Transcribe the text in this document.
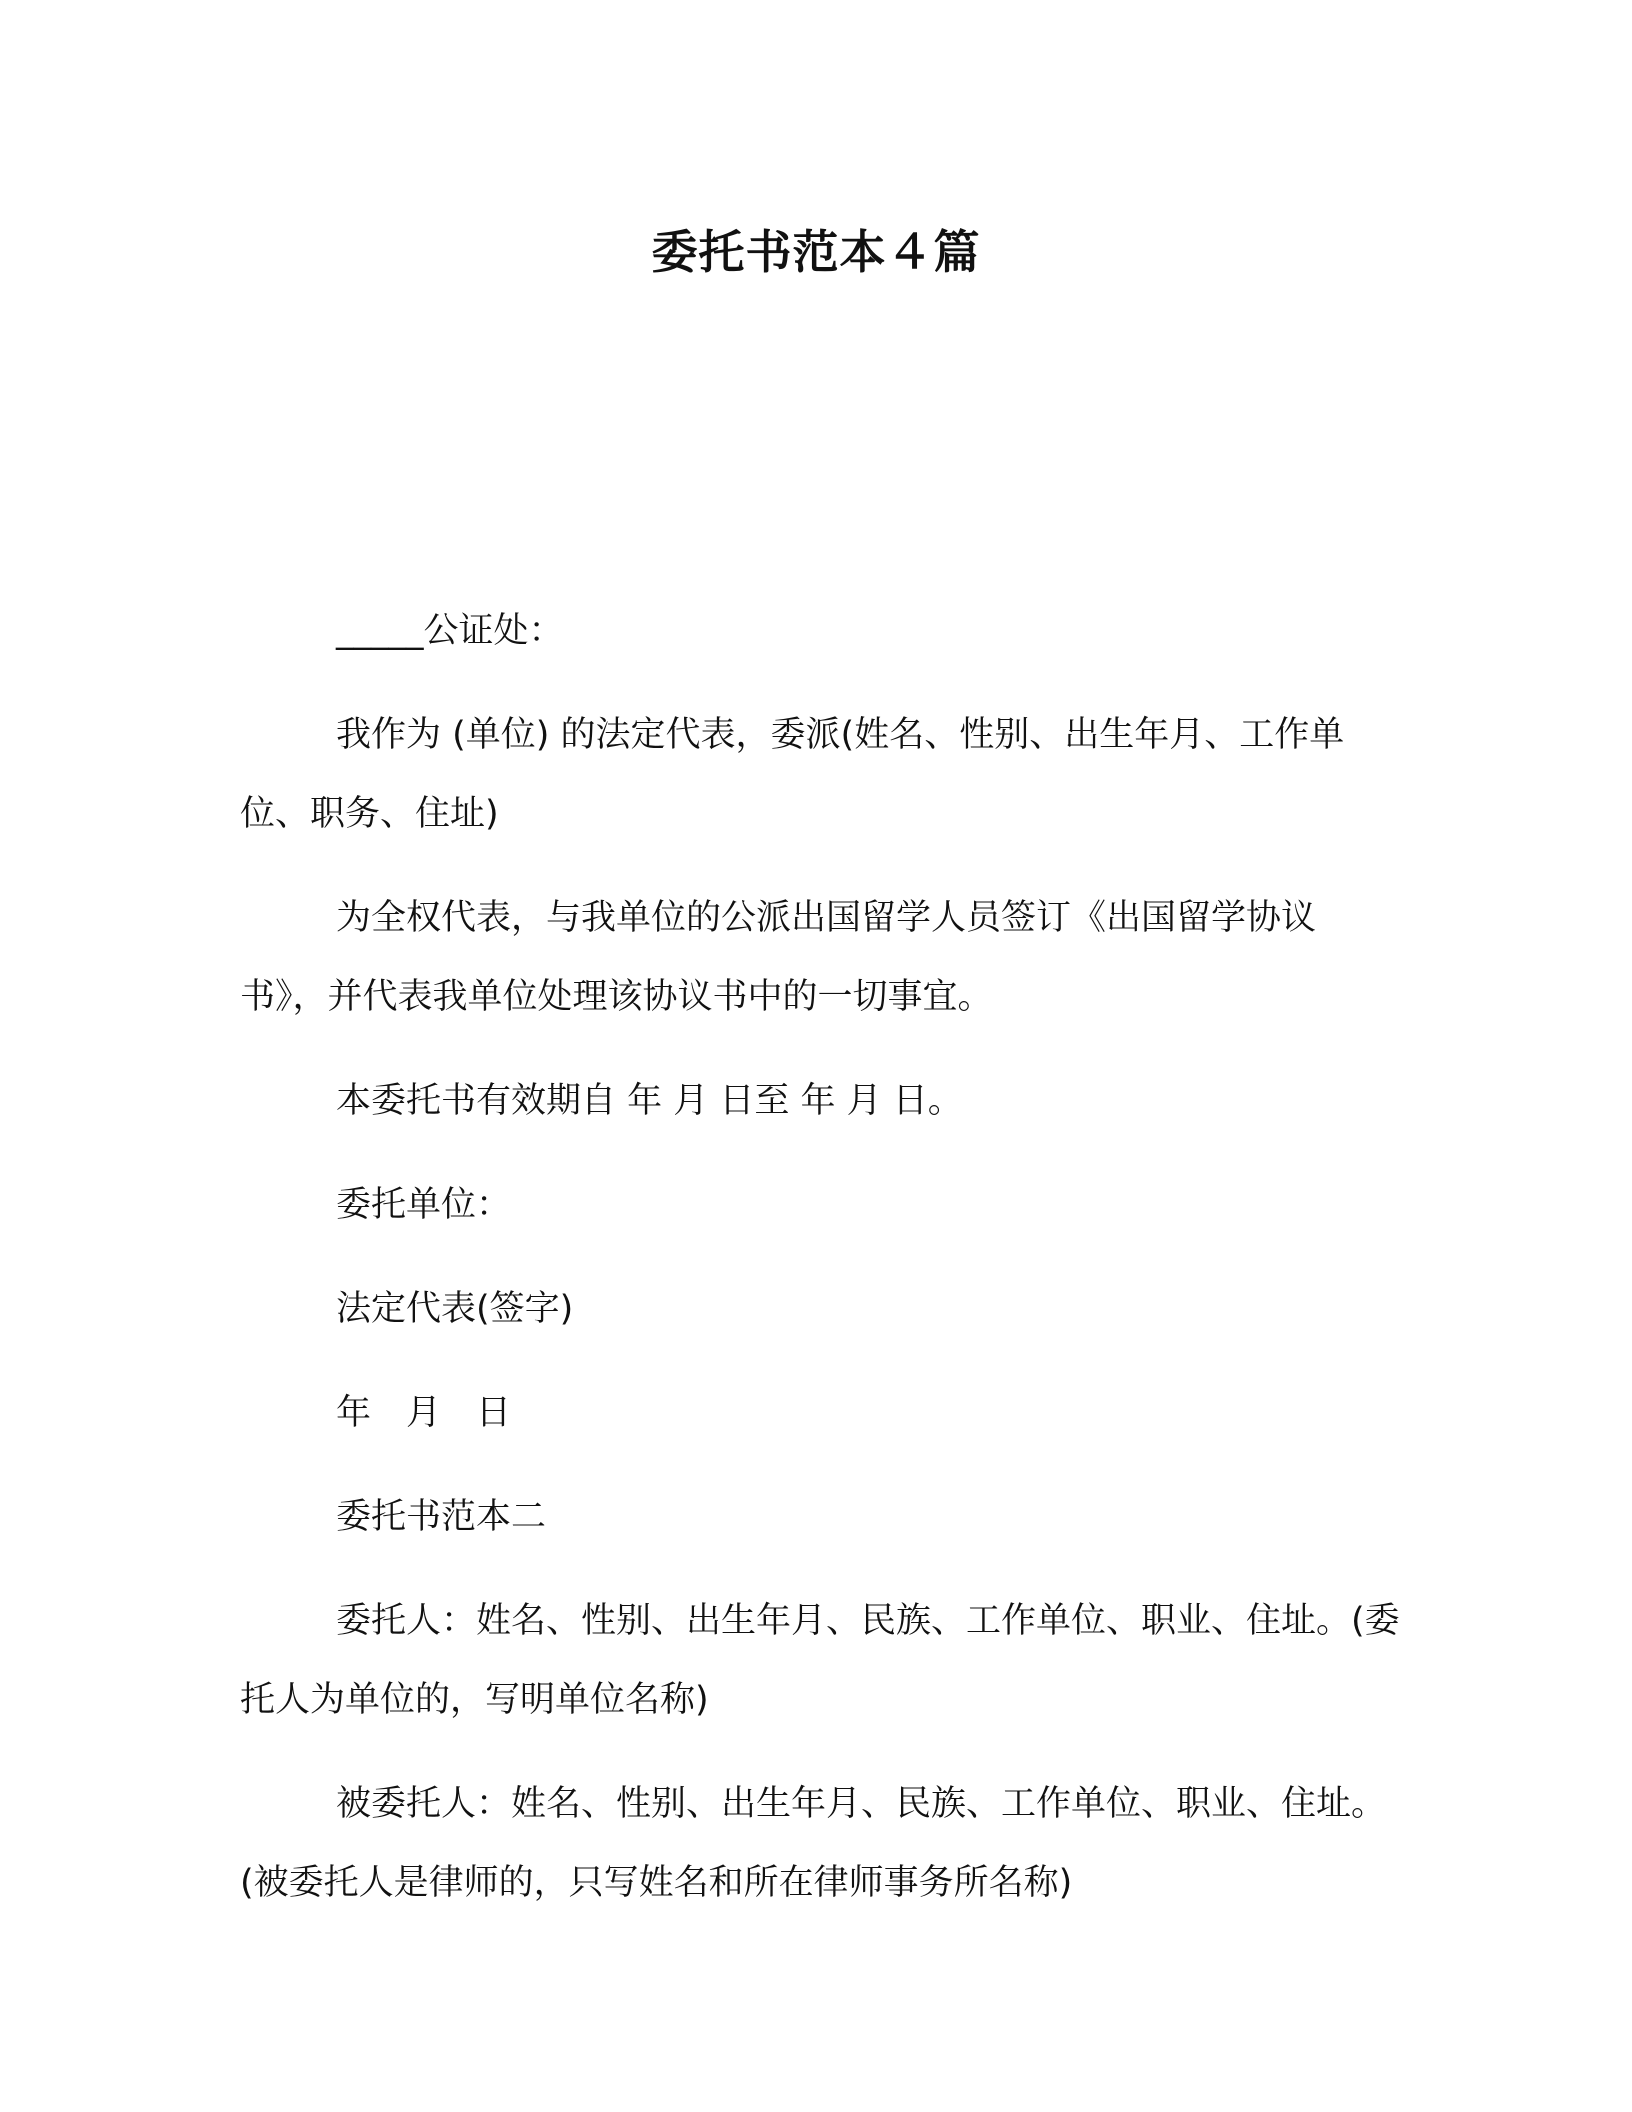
委托书范本４篇

_____公证处：

我作为 (单位) 的法定代表，委派(姓名、性别、出生年月、工作单位、职务、住址)

为全权代表，与我单位的公派出国留学人员签订《出国留学协议书》，并代表我单位处理该协议书中的一切事宜。

本委托书有效期自 年 月 日至 年 月 日。

委托单位：

法定代表(签字)

年　月　日

委托书范本二

委托人：姓名、性别、出生年月、民族、工作单位、职业、住址。(委托人为单位的，写明单位名称)

被委托人：姓名、性别、出生年月、民族、工作单位、职业、住址。(被委托人是律师的，只写姓名和所在律师事务所名称)
